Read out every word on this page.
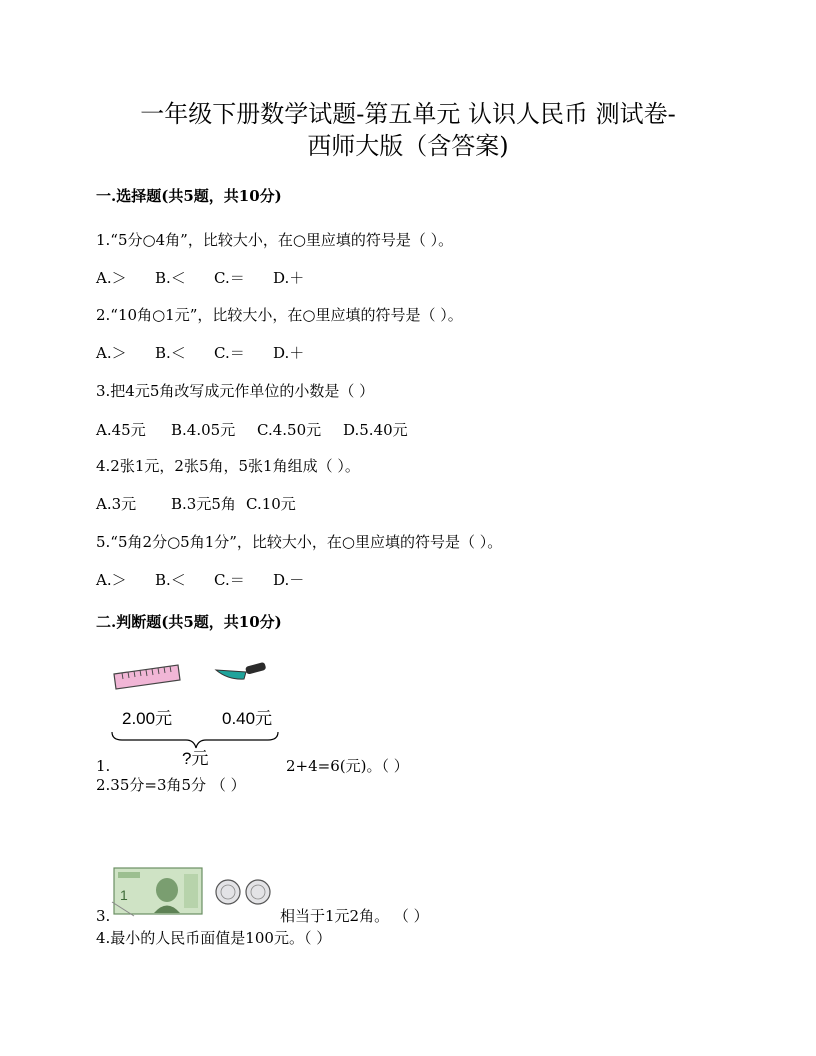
一年级下册数学试题-第五单元 认识人民币 测试卷-
西师大版（含答案)
一.选择题(共5题，共10分)
1.“5分○4角”，比较大小，在○里应填的符号是（ ）。
A.＞ B.＜ C.＝ D.＋
2.“10角○1元”，比较大小，在○里应填的符号是（ ）。
A.＞ B.＜ C.＝ D.＋
3.把4元5角改写成元作单位的小数是（ ）
A.45元 B.4.05元 C.4.50元 D.5.40元
4.2张1元，2张5角，5张1角组成（ ）。
A.3元 B.3元5角 C.10元
5.“5角2分○5角1分”，比较大小，在○里应填的符号是（ ）。
A.＞ B.＜ C.＝ D.－
二.判断题(共5题，共10分)
2.00元	0.40元
?元
1.	2+4=6(元)。（ ）
2.35分=3角5分 （ ）
1
3.	相当于1元2角。 （ ）
4.最小的人民币面值是100元。（ ）
